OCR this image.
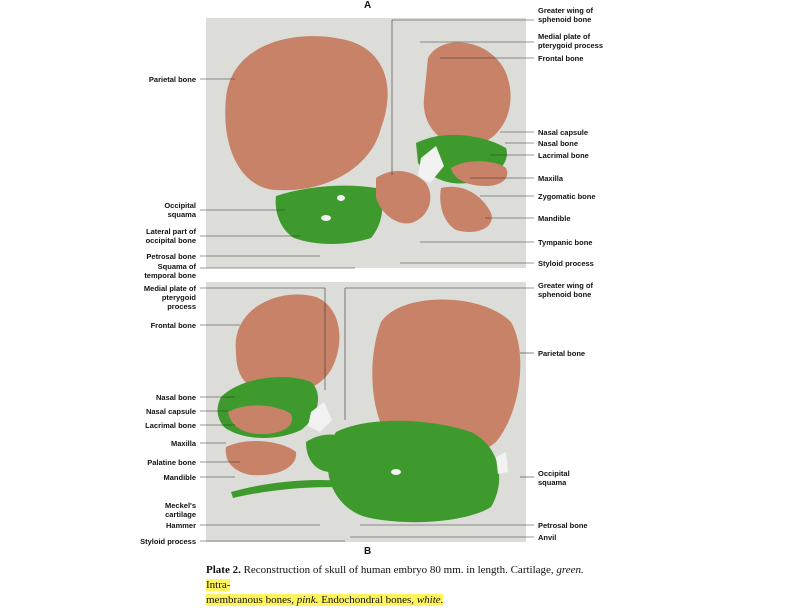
A
B
Parietal bone
Occipital
squama
Lateral part of
occipital bone
Petrosal bone
Squama of
temporal bone
Greater wing of
sphenoid bone
Medial plate of
pterygoid process
Frontal bone
Nasal capsule
Nasal bone
Lacrimal bone
Maxilla
Zygomatic bone
Mandible
Tympanic bone
Styloid process
Medial plate of
pterygoid
process
Frontal bone
Nasal bone
Nasal capsule
Lacrimal bone
Maxilla
Palatine bone
Mandible
Meckel's
cartilage
Hammer
Styloid process
Greater wing of
sphenoid bone
Parietal bone
Occipital
squama
Petrosal bone
Anvil
Plate 2. Reconstruction of skull of human embryo 80 mm. in length. Cartilage, green. Intra-
membranous bones, pink. Endochondral bones, white.
